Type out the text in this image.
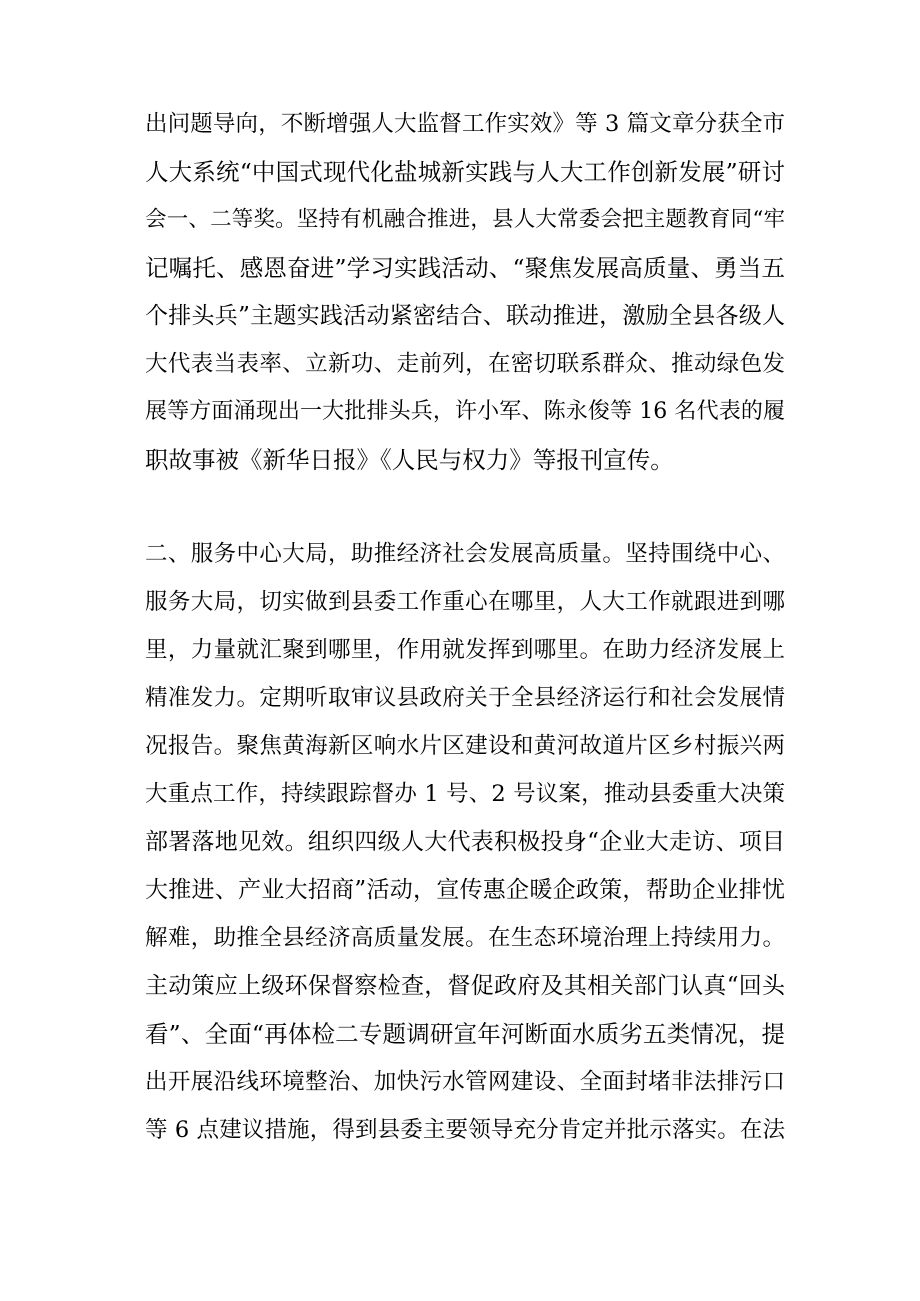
出问题导向，不断增强人大监督工作实效》等 3 篇文章分获全市
人大系统“中国式现代化盐城新实践与人大工作创新发展”研讨
会一、二等奖。坚持有机融合推进，县人大常委会把主题教育同“牢
记嘱托、感恩奋进”学习实践活动、“聚焦发展高质量、勇当五
个排头兵”主题实践活动紧密结合、联动推进，激励全县各级人
大代表当表率、立新功、走前列，在密切联系群众、推动绿色发
展等方面涌现出一大批排头兵，许小军、陈永俊等 16 名代表的履
职故事被《新华日报》《人民与权力》等报刊宣传。
二、服务中心大局，助推经济社会发展高质量。坚持围绕中心、
服务大局，切实做到县委工作重心在哪里，人大工作就跟进到哪
里，力量就汇聚到哪里，作用就发挥到哪里。在助力经济发展上
精准发力。定期听取审议县政府关于全县经济运行和社会发展情
况报告。聚焦黄海新区响水片区建设和黄河故道片区乡村振兴两
大重点工作，持续跟踪督办 1 号、2 号议案，推动县委重大决策
部署落地见效。组织四级人大代表积极投身“企业大走访、项目
大推进、产业大招商”活动，宣传惠企暖企政策，帮助企业排忧
解难，助推全县经济高质量发展。在生态环境治理上持续用力。
主动策应上级环保督察检查，督促政府及其相关部门认真“回头
看”、全面“再体检二专题调研宣年河断面水质劣五类情况，提
出开展沿线环境整治、加快污水管网建设、全面封堵非法排污口
等 6 点建议措施，得到县委主要领导充分肯定并批示落实。在法
